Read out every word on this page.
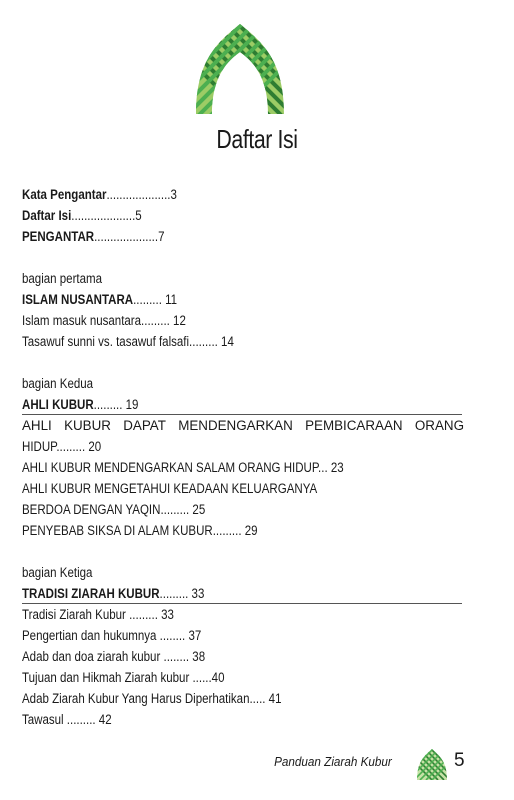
Daftar Isi
Kata Pengantar....................3
Daftar Isi....................5
PENGANTAR....................7
bagian pertama
ISLAM NUSANTARA......... 11
Islam masuk nusantara......... 12
Tasawuf sunni vs. tasawuf falsafi......... 14
bagian Kedua
AHLI KUBUR......... 19
AHLI KUBUR DAPAT MENDENGARKAN PEMBICARAAN ORANG
HIDUP......... 20
AHLI KUBUR MENDENGARKAN SALAM ORANG HIDUP... 23
AHLI KUBUR MENGETAHUI KEADAAN KELUARGANYA
BERDOA DENGAN YAQIN......... 25
PENYEBAB SIKSA DI ALAM KUBUR......... 29
bagian Ketiga
TRADISI ZIARAH KUBUR......... 33
Tradisi Ziarah Kubur ......... 33
Pengertian dan hukumnya ........ 37
Adab dan doa ziarah kubur ........ 38
Tujuan dan Hikmah Ziarah kubur ......40
Adab Ziarah Kubur Yang Harus Diperhatikan..... 41
Tawasul ......... 42
Panduan Ziarah Kubur	5
